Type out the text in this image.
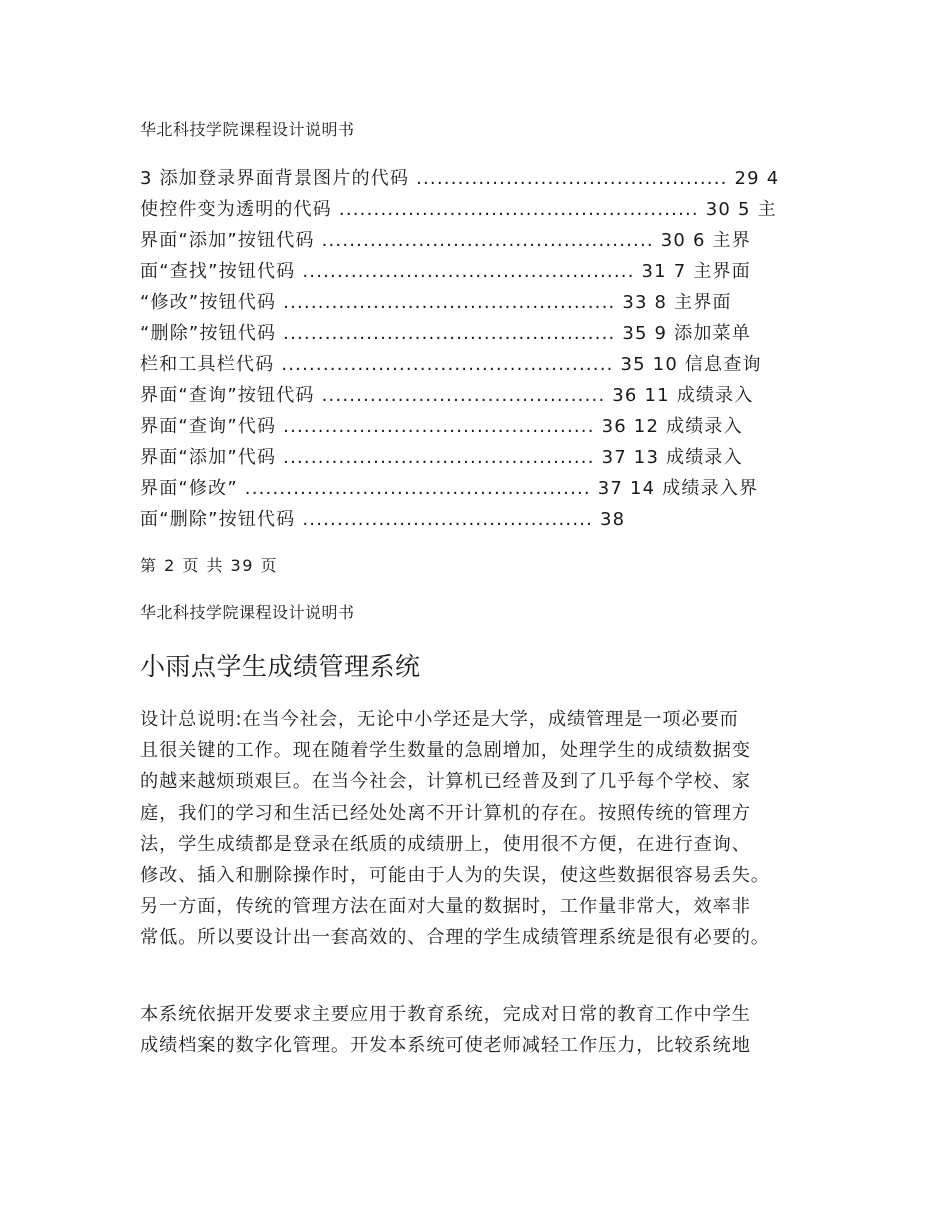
华北科技学院课程设计说明书
3 添加登录界面背景图片的代码 ............................................. 29 4
使控件变为透明的代码 .................................................... 30 5 主
界面“添加”按钮代码 ................................................ 30 6 主界
面“查找”按钮代码 ................................................ 31 7 主界面
“修改”按钮代码 ................................................ 33 8 主界面
“删除”按钮代码 ................................................ 35 9 添加菜单
栏和工具栏代码 ................................................ 35 10 信息查询
界面“查询”按钮代码 ......................................... 36 11 成绩录入
界面“查询”代码 ............................................. 36 12 成绩录入
界面“添加”代码 ............................................. 37 13 成绩录入
界面“修改” .................................................. 37 14 成绩录入界
面“删除”按钮代码 .......................................... 38
第 2 页 共 39 页
华北科技学院课程设计说明书
小雨点学生成绩管理系统
设计总说明:在当今社会，无论中小学还是大学，成绩管理是一项必要而
且很关键的工作。现在随着学生数量的急剧增加，处理学生的成绩数据变
的越来越烦琐艰巨。在当今社会，计算机已经普及到了几乎每个学校、家
庭，我们的学习和生活已经处处离不开计算机的存在。按照传统的管理方
法，学生成绩都是登录在纸质的成绩册上，使用很不方便，在进行查询、
修改、插入和删除操作时，可能由于人为的失误，使这些数据很容易丢失。
另一方面，传统的管理方法在面对大量的数据时，工作量非常大，效率非
常低。所以要设计出一套高效的、合理的学生成绩管理系统是很有必要的。
本系统依据开发要求主要应用于教育系统，完成对日常的教育工作中学生
成绩档案的数字化管理。开发本系统可使老师减轻工作压力，比较系统地
